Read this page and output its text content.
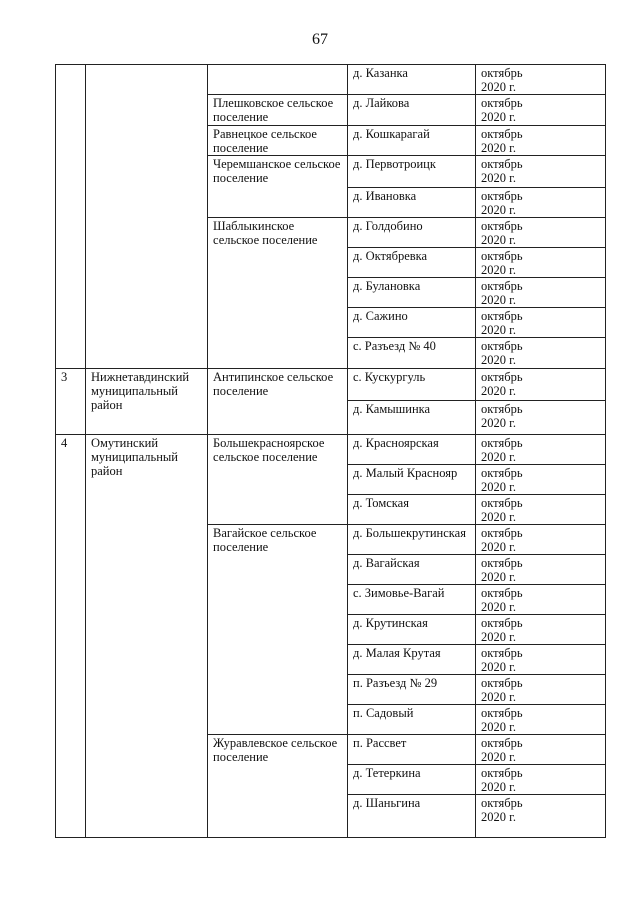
67
			д. Казанка	октябрь
2020 г.

		Плешковское сельское поселение	д. Лайкова	октябрь
2020 г.

		Равнецкое сельское поселение	д. Кошкарагай	октябрь
2020 г.

		Черемшанское сельское поселение	д. Первотроицк	октябрь
2020 г.

			д. Ивановка	октябрь
2020 г.

		Шаблыкинское сельское поселение	д. Голдобино	октябрь
2020 г.

			д. Октябревка	октябрь
2020 г.

			д. Булановка	октябрь
2020 г.

			д. Сажино	октябрь
2020 г.

			с. Разъезд № 40	октябрь
2020 г.

3	Нижнетавдинский муниципальный район	Антипинское сельское поселение	с. Кускургуль	октябрь
2020 г.

			д. Камышинка	октябрь
2020 г.

4	Омутинский муниципальный район	Большекрасноярское сельское поселение	д. Красноярская	октябрь
2020 г.

			д. Малый Краснояр	октябрь
2020 г.

			д. Томская	октябрь
2020 г.

		Вагайское сельское поселение	д. Большекрутинская	октябрь
2020 г.

			д. Вагайская	октябрь
2020 г.

			с. Зимовье-Вагай	октябрь
2020 г.

			д. Крутинская	октябрь
2020 г.

			д. Малая Крутая	октябрь
2020 г.

			п. Разъезд № 29	октябрь
2020 г.

			п. Садовый	октябрь
2020 г.

		Журавлевское сельское поселение	п. Рассвет	октябрь
2020 г.

			д. Тетеркина	октябрь
2020 г.

			д. Шаньгина	октябрь
2020 г.
